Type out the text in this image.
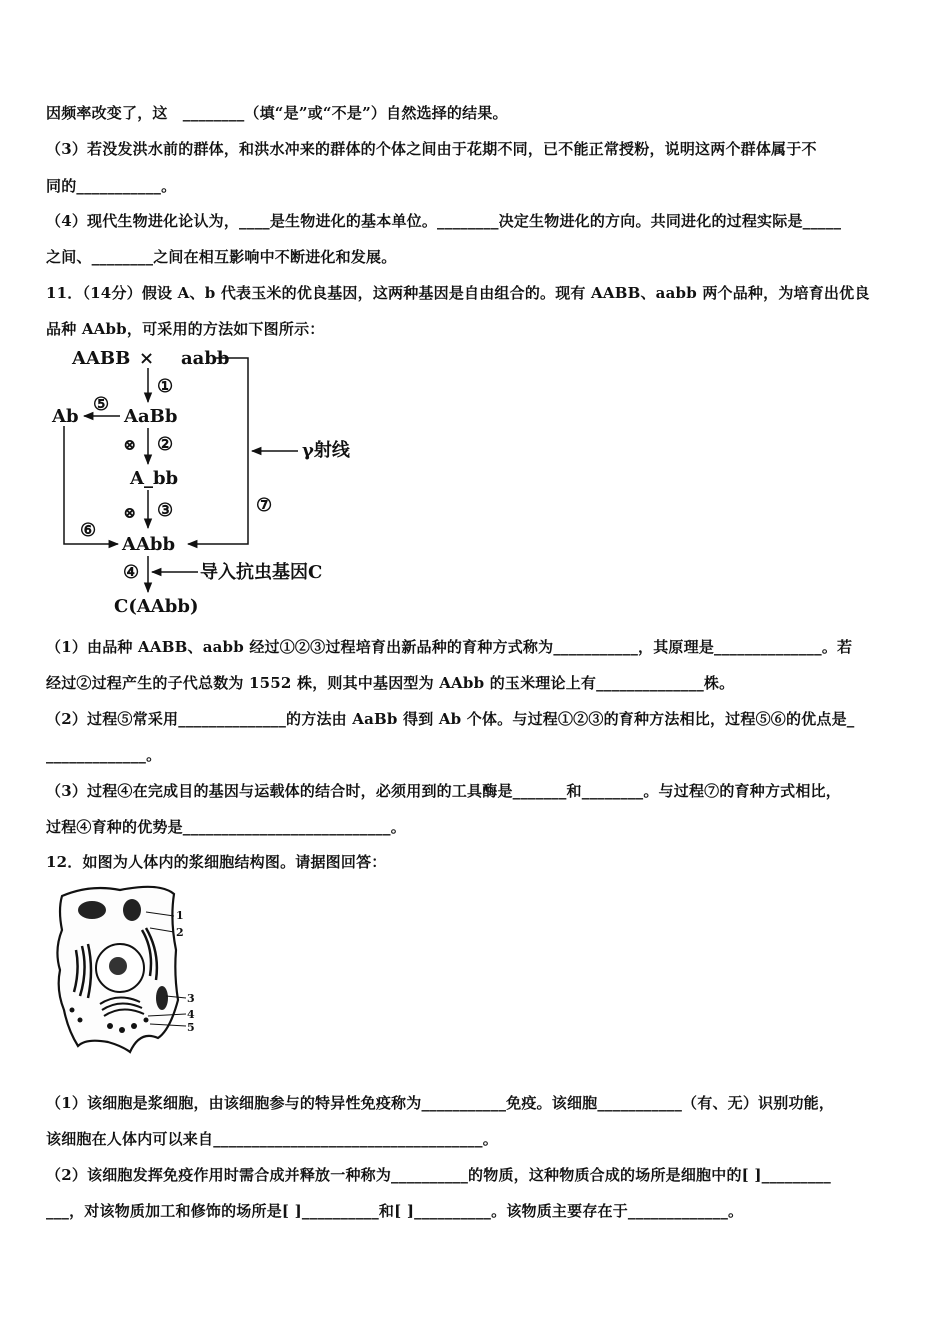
因频率改变了，这　________（填“是”或“不是”）自然选择的结果。
（3）若没发洪水前的群体，和洪水冲来的群体的个体之间由于花期不同，已不能正常授粉，说明这两个群体属于不
同的___________。
（4）现代生物进化论认为，____是生物进化的基本单位。________决定生物进化的方向。共同进化的过程实际是_____
之间、________之间在相互影响中不断进化和发展。
11．（14分）假设 A、b 代表玉米的优良基因，这两种基因是自由组合的。现有 AABB、aabb 两个品种，为培育出优良
品种 AAbb，可采用的方法如下图所示：
AABB × aabb
①
AaBb
⑤
Ab
⊗ ②	γ射线
A_bb
⊗ ③	⑦
⑥
AAbb
④	导入抗虫基因C
C(AAbb)
（1）由品种 AABB、aabb 经过①②③过程培育出新品种的育种方式称为___________，其原理是______________。若
经过②过程产生的子代总数为 1552 株，则其中基因型为 AAbb 的玉米理论上有______________株。
（2）过程⑤常采用______________的方法由 AaBb 得到 Ab 个体。与过程①②③的育种方法相比，过程⑤⑥的优点是_
_____________。
（3）过程④在完成目的基因与运载体的结合时，必须用到的工具酶是_______和________。与过程⑦的育种方式相比，
过程④育种的优势是___________________________。
12．如图为人体内的浆细胞结构图。请据图回答：
1
2
3
4
5
（1）该细胞是浆细胞，由该细胞参与的特异性免疫称为___________免疫。该细胞___________（有、无）识别功能，
该细胞在人体内可以来自___________________________________。
（2）该细胞发挥免疫作用时需合成并释放一种称为__________的物质，这种物质合成的场所是细胞中的[ ]_________
___，对该物质加工和修饰的场所是[ ]__________和[ ]__________。该物质主要存在于_____________。
